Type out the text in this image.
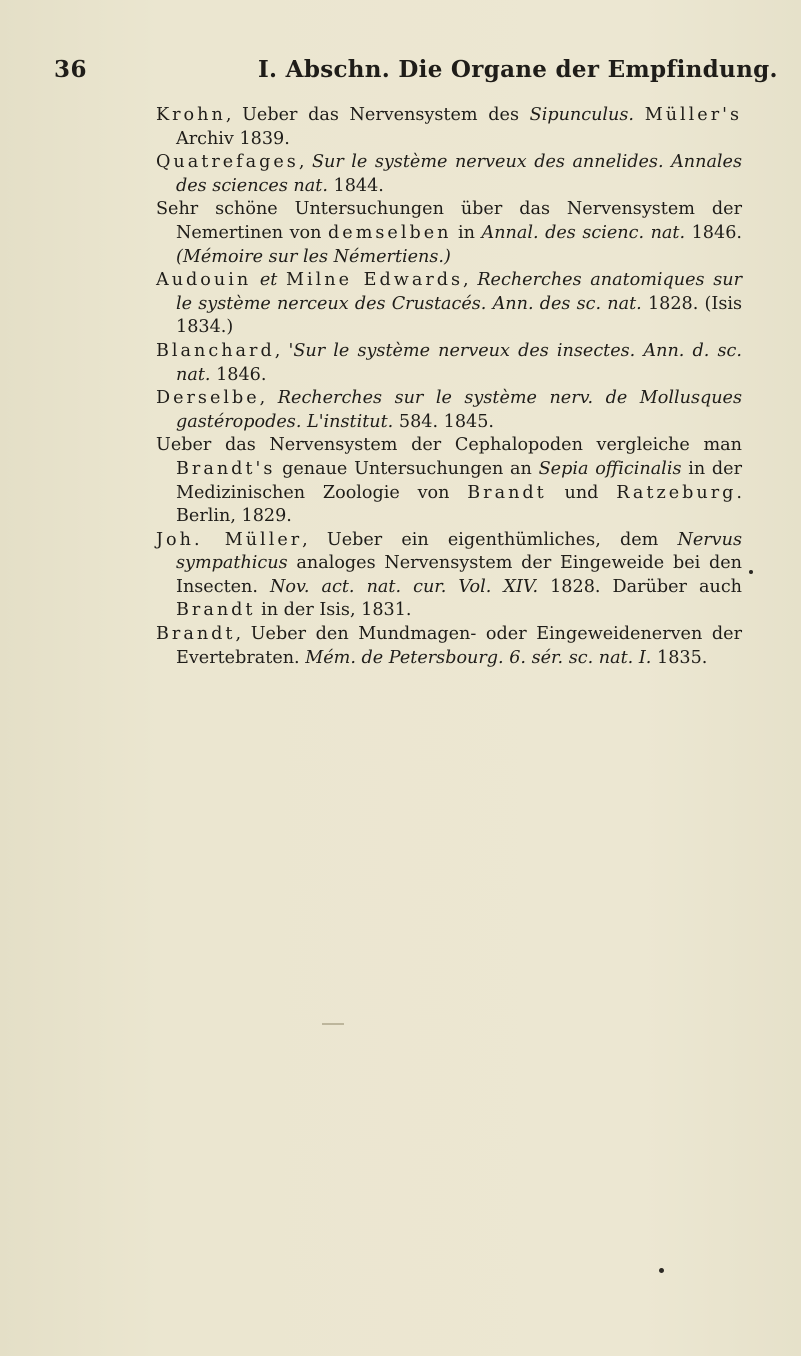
36	I. Abschn. Die Organe der Empfindung.

Krohn, Ueber das Nervensystem des Sipunculus. Müller's Archiv 1839.

Quatrefages, Sur le système nerveux des annelides. Annales des sciences nat. 1844.

Sehr schöne Untersuchungen über das Nervensystem der Nemertinen von demselben in Annal. des scienc. nat. 1846. (Mémoire sur les Némertiens.)

Audouin et Milne Edwards, Recherches anatomiques sur le système nerceux des Crustacés. Ann. des sc. nat. 1828. (Isis 1834.)

Blanchard, 'Sur le système nerveux des insectes. Ann. d. sc. nat. 1846.

Derselbe, Recherches sur le système nerv. de Mollusques gastéropodes. L'institut. 584. 1845.

Ueber das Nervensystem der Cephalopoden vergleiche man Brandt's genaue Untersuchungen an Sepia officinalis in der Medizinischen Zoologie von Brandt und Ratzeburg. Berlin, 1829.

Joh. Müller, Ueber ein eigenthümliches, dem Nervus sympathicus analoges Nervensystem der Eingeweide bei den Insecten. Nov. act. nat. cur. Vol. XIV. 1828. Darüber auch Brandt in der Isis, 1831.

Brandt, Ueber den Mundmagen- oder Eingeweidenerven der Evertebraten. Mém. de Petersbourg. 6. sér. sc. nat. I. 1835.
